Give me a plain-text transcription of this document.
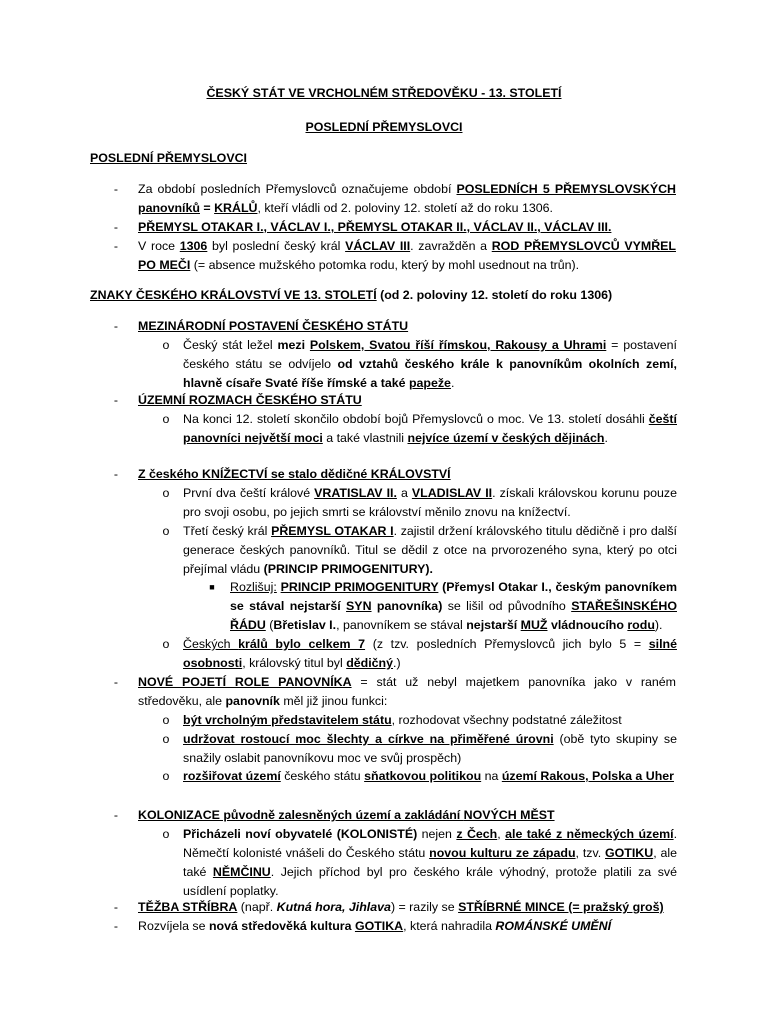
ČESKÝ STÁT VE VRCHOLNÉM STŘEDOVĚKU - 13. STOLETÍ
POSLEDNÍ PŘEMYSLOVCI
POSLEDNÍ PŘEMYSLOVCI
-	Za období posledních Přemyslovců označujeme období POSLEDNÍCH 5 PŘEMYSLOVSKÝCH panovníků = KRÁLŮ, kteří vládli od 2. poloviny 12. století až do roku 1306.
-	PŘEMYSL OTAKAR I., VÁCLAV I., PŘEMYSL OTAKAR II., VÁCLAV II., VÁCLAV III.
-	V roce 1306 byl poslední český král VÁCLAV III. zavražděn a ROD PŘEMYSLOVCŮ VYMŘEL PO MEČI (= absence mužského potomka rodu, který by mohl usednout na trůn).
ZNAKY ČESKÉHO KRÁLOVSTVÍ VE 13. STOLETÍ (od 2. poloviny 12. století do roku 1306)
-	MEZINÁRODNÍ POSTAVENÍ ČESKÉHO STÁTU
o Český stát ležel mezi Polskem, Svatou říší římskou, Rakousy a Uhrami = postavení českého státu se odvíjelo od vztahů českého krále k panovníkům okolních zemí, hlavně císaře Svaté říše římské a také papeže.
-	ÚZEMNÍ ROZMACH ČESKÉHO STÁTU
o Na konci 12. století skončilo období bojů Přemyslovců o moc. Ve 13. století dosáhli čeští panovníci největší moci a také vlastnili nejvíce území v českých dějinách.
-	Z českého KNÍŽECTVÍ se stalo dědičné KRÁLOVSTVÍ
o První dva čeští králové VRATISLAV II. a VLADISLAV II. získali královskou korunu pouze pro svoji osobu, po jejich smrti se království měnilo znovu na knížectví.
o Třetí český král PŘEMYSL OTAKAR I. zajistil držení královského titulu dědičně i pro další generace českých panovníků. Titul se dědil z otce na prvorozeného syna, který po otci přejímal vládu (PRINCIP PRIMOGENITURY).
■ Rozlišuj: PRINCIP PRIMOGENITURY (Přemysl Otakar I., českým panovníkem se stával nejstarší SYN panovníka) se lišil od původního STAŘEŠINSKÉHO ŘÁDU (Břetislav I., panovníkem se stával nejstarší MUŽ vládnoucího rodu).
o Českých králů bylo celkem 7 (z tzv. posledních Přemyslovců jich bylo 5 = silné osobnosti, královský titul byl dědičný.)
-	NOVÉ POJETÍ ROLE PANOVNÍKA = stát už nebyl majetkem panovníka jako v raném středověku, ale panovník měl již jinou funkci:
o být vrcholným představitelem státu, rozhodovat všechny podstatné záležitost
o udržovat rostoucí moc šlechty a církve na přiměřené úrovni (obě tyto skupiny se snažily oslabit panovníkovu moc ve svůj prospěch)
o rozšiřovat území českého státu sňatkovou politikou na území Rakous, Polska a Uher
-	KOLONIZACE původně zalesněných území a zakládání NOVÝCH MĚST
o Přicházeli noví obyvatelé (KOLONISTÉ) nejen z Čech, ale také z německých území. Němečtí kolonisté vnášeli do Českého státu novou kulturu ze západu, tzv. GOTIKU, ale také NĚMČINU. Jejich příchod byl pro českého krále výhodný, protože platili za své usídlení poplatky.
-	TĚŽBA STŘÍBRA (např. Kutná hora, Jihlava) = razily se STŘÍBRNÉ MINCE (= pražský groš)
-	Rozvíjela se nová středověká kultura GOTIKA, která nahradila ROMÁNSKÉ UMĚNÍ
